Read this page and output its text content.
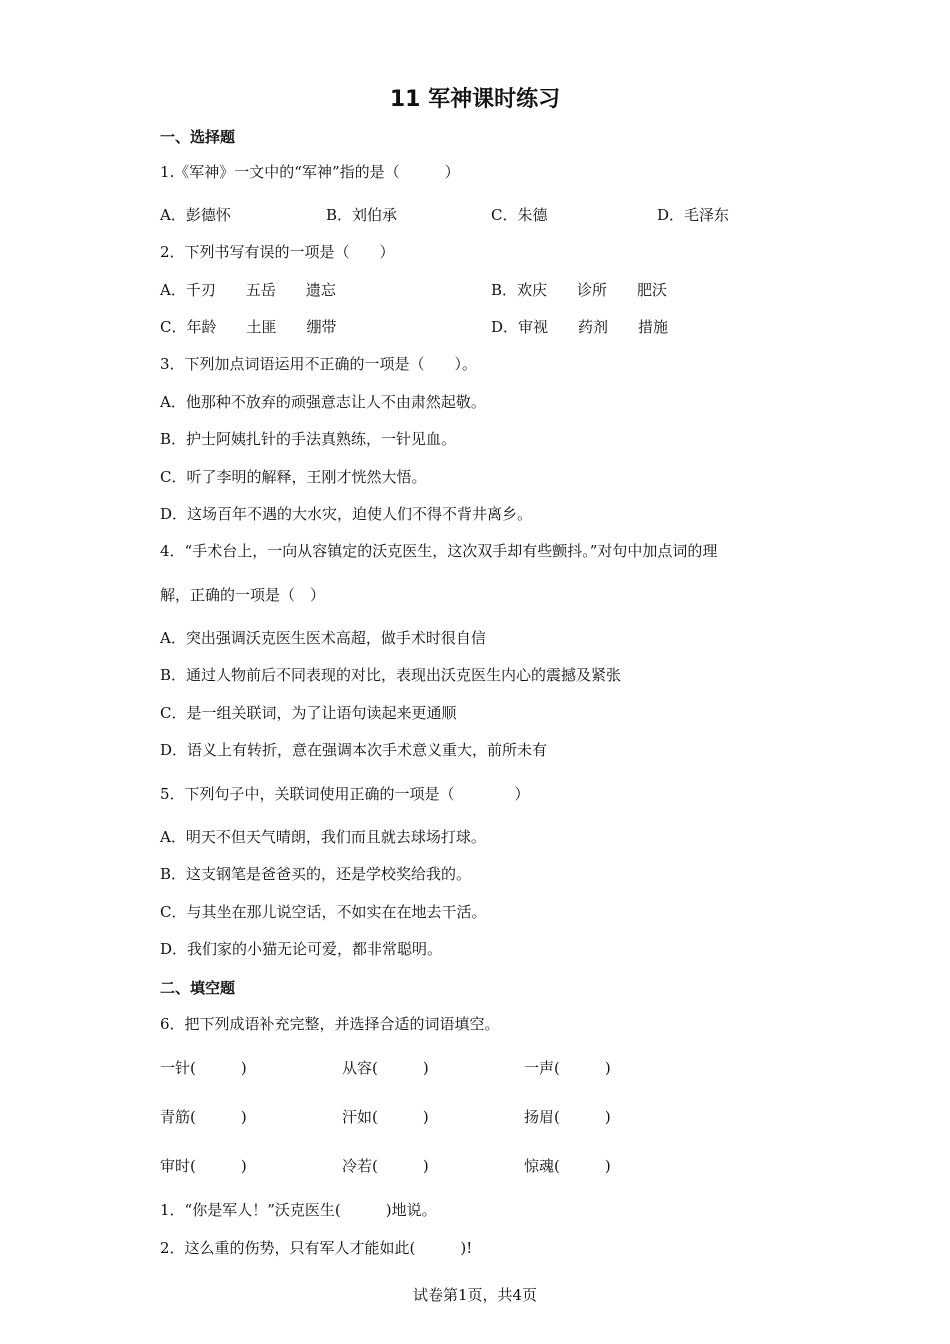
11 军神课时练习
一、选择题
1.《军神》一文中的“军神”指的是（　　　）
A．彭德怀	B．刘伯承	C．朱德	D．毛泽东
2．下列书写有误的一项是（　　）
A．千刃　　五岳　　遗忘	B．欢庆　　诊所　　肥沃
C．年龄　　土匪　　绷带	D．审视　　药剂　　措施
3．下列加点词语运用不正确的一项是（　　）。
A．他那种不放弃的顽强意志让人不由肃然起敬。
B．护士阿姨扎针的手法真熟练，一针见血。
C．听了李明的解释，王刚才恍然大悟。
D．这场百年不遇的大水灾，迫使人们不得不背井离乡。
4．“手术台上，一向从容镇定的沃克医生，这次双手却有些颤抖。”对句中加点词的理
解，正确的一项是（　）
A．突出强调沃克医生医术高超，做手术时很自信
B．通过人物前后不同表现的对比，表现出沃克医生内心的震撼及紧张
C．是一组关联词，为了让语句读起来更通顺
D．语义上有转折，意在强调本次手术意义重大，前所未有
5．下列句子中，关联词使用正确的一项是（　　　　）
A．明天不但天气晴朗，我们而且就去球场打球。
B．这支钢笔是爸爸买的，还是学校奖给我的。
C．与其坐在那儿说空话，不如实在在地去干活。
D．我们家的小猫无论可爱，都非常聪明。
二、填空题
6．把下列成语补充完整，并选择合适的词语填空。
一针(　　　)	从容(　　　)	一声(　　　)
青筋(　　　)	汗如(　　　)	扬眉(　　　)
审时(　　　)	冷若(　　　)	惊魂(　　　)
1．“你是军人！”沃克医生(　　　)地说。
2．这么重的伤势，只有军人才能如此(　　　)!
试卷第1页，共4页
